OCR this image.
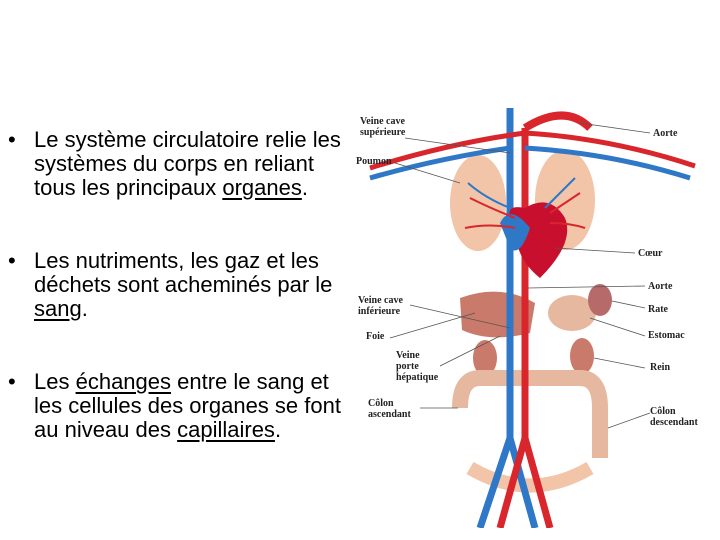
• Le système circulatoire relie les systèmes du corps en reliant tous les principaux organes.
• Les nutriments, les gaz et les déchets sont acheminés par le sang.
• Les échanges entre le sang et les cellules des organes se font au niveau des capillaires.
Veine cave
supérieure
Poumon
Aorte
Cœur
Veine cave
inférieure
Aorte
Rate
Foie	Estomac
Veine
porte
hépatique
Rein
Côlon
ascendant	Côlon
descendant
